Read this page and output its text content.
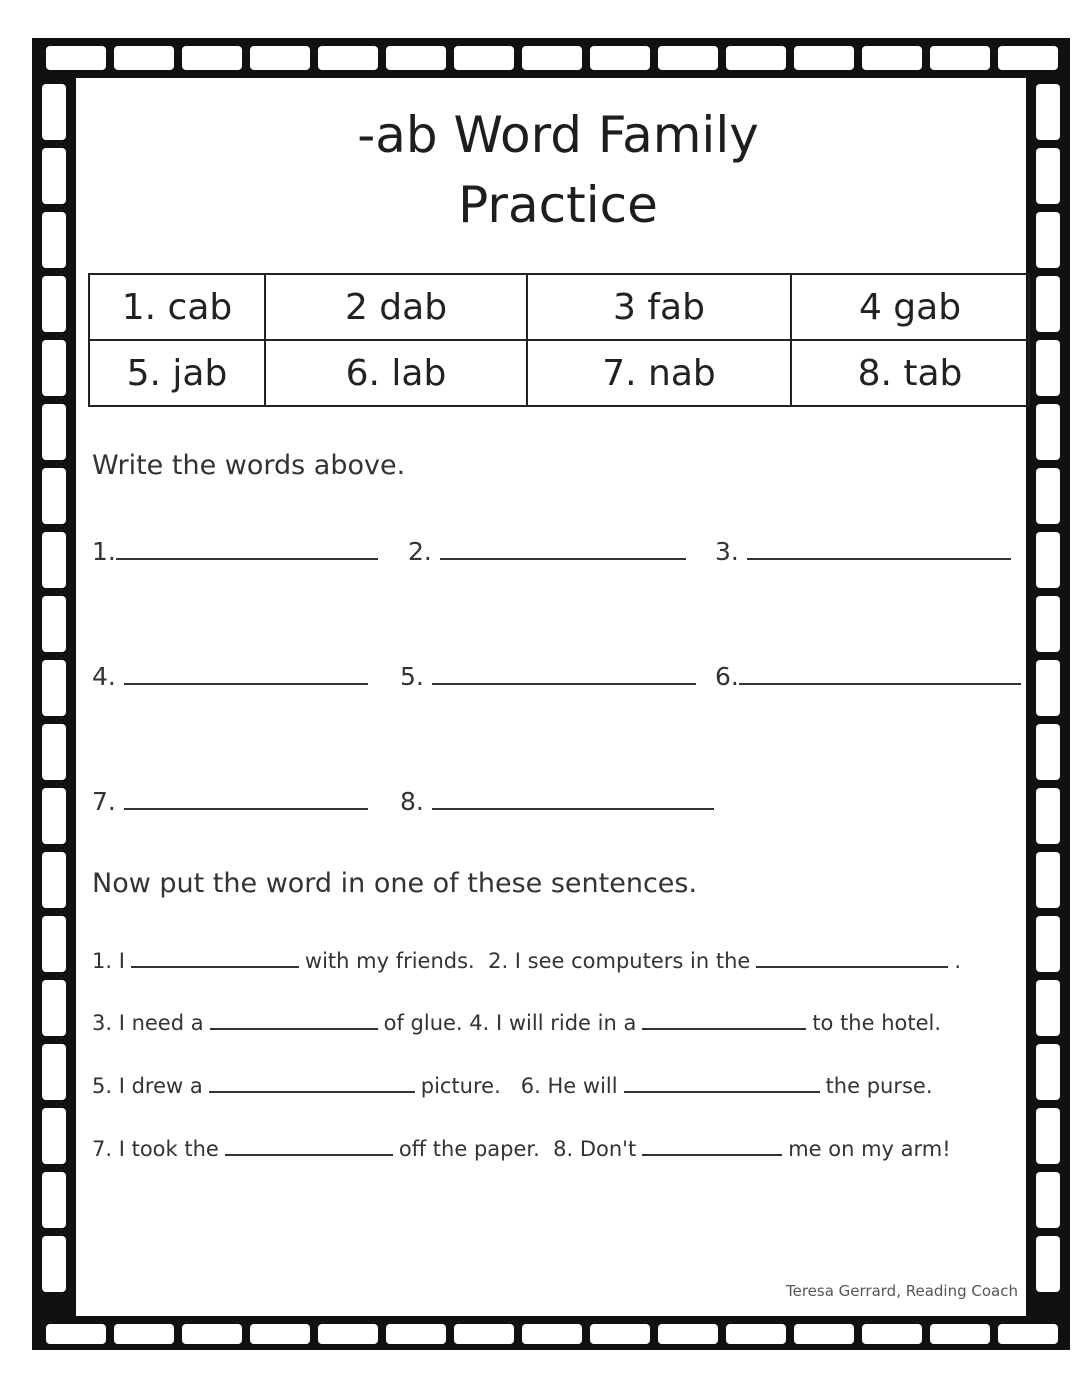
-ab Word Family
Practice
1. cab	2 dab	3 fab	4 gab
5. jab	6. lab	7. nab	8. tab
Write the words above.
1.	2.	3.
4.	5.	6.
7.	8.
Now put the word in one of these sentences.
1. I	with my friends. 2. I see computers in the	.
3. I need a	of glue. 4. I will ride in a	to the hotel.
5. I drew a	picture. 6. He will	the purse.
7. I took the	off the paper. 8. Don't	me on my arm!
Teresa Gerrard, Reading Coach
